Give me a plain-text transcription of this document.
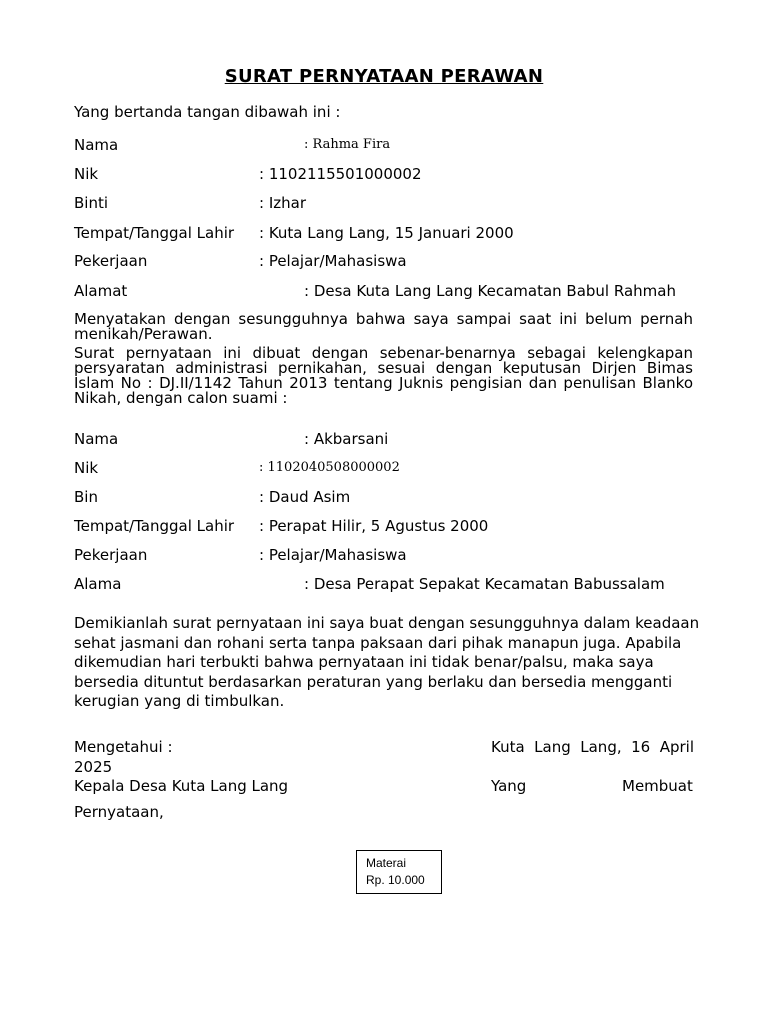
SURAT PERNYATAAN PERAWAN
Yang bertanda tangan dibawah ini :
Nama	: Rahma Fira
Nik	: 1102115501000002
Binti	: Izhar
Tempat/Tanggal Lahir : Kuta Lang Lang, 15 Januari 2000
Pekerjaan	: Pelajar/Mahasiswa
Alamat	: Desa Kuta Lang Lang Kecamatan Babul Rahmah
Menyatakan dengan sesungguhnya bahwa saya sampai saat ini belum pernah menikah/Perawan.
Surat pernyataan ini dibuat dengan sebenar-benarnya sebagai kelengkapan persyaratan administrasi pernikahan, sesuai dengan keputusan Dirjen Bimas Islam No : DJ.II/1142 Tahun 2013 tentang Juknis pengisian dan penulisan Blanko Nikah, dengan calon suami :
Nama	: Akbarsani
Nik	: 1102040508000002
Bin	: Daud Asim
Tempat/Tanggal Lahir : Perapat Hilir, 5 Agustus 2000
Pekerjaan	: Pelajar/Mahasiswa
Alama	: Desa Perapat Sepakat Kecamatan Babussalam
Demikianlah surat pernyataan ini saya buat dengan sesungguhnya dalam keadaan sehat jasmani dan rohani serta tanpa paksaan dari pihak manapun juga. Apabila dikemudian hari terbukti bahwa pernyataan ini tidak benar/palsu, maka saya bersedia dituntut berdasarkan peraturan yang berlaku dan bersedia mengganti kerugian yang di timbulkan.
Mengetahui :	Kuta Lang Lang, 16 April
2025
Kepala Desa Kuta Lang Lang	Yang	Membuat
Pernyataan,
Materai
Rp. 10.000
